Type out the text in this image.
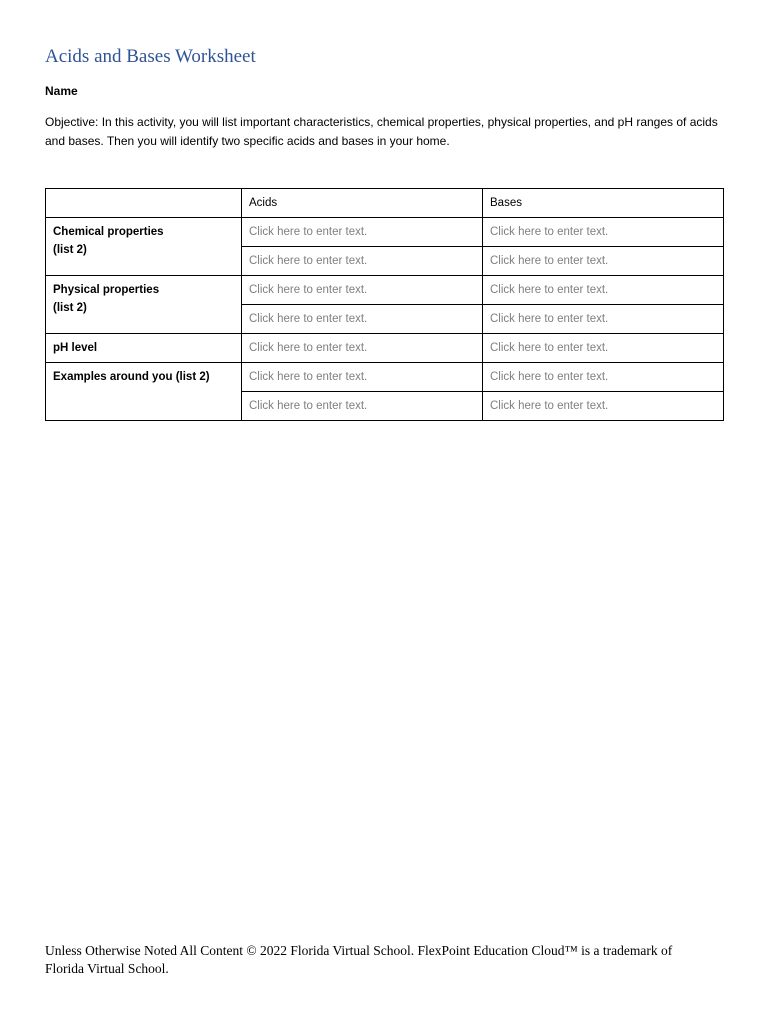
Acids and Bases Worksheet
Name
Objective: In this activity, you will list important characteristics, chemical properties, physical properties, and pH ranges of acids and bases. Then you will identify two specific acids and bases in your home.

	Acids	Bases

Chemical properties
(list 2)	Click here to enter text.	Click here to enter text.

	Click here to enter text.	Click here to enter text.

Physical properties
(list 2)	Click here to enter text.	Click here to enter text.

	Click here to enter text.	Click here to enter text.

pH level	Click here to enter text.	Click here to enter text.

Examples around you (list 2)	Click here to enter text.	Click here to enter text.

	Click here to enter text.	Click here to enter text.
Unless Otherwise Noted All Content © 2022 Florida Virtual School. FlexPoint Education Cloud™ is a trademark of Florida Virtual School.
